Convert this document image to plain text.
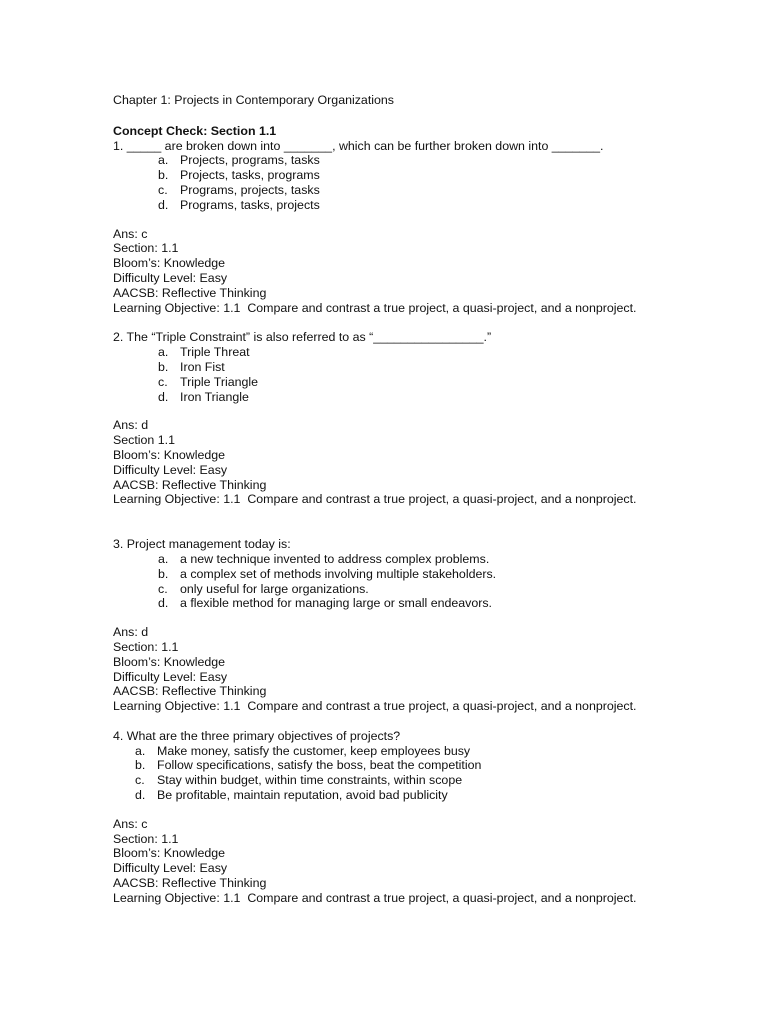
Chapter 1: Projects in Contemporary Organizations

Concept Check: Section 1.1

1. _____ are broken down into _______, which can be further broken down into _______.

a. Projects, programs, tasks
b. Projects, tasks, programs
c. Programs, projects, tasks
d. Programs, tasks, projects

Ans: c

Section: 1.1

Bloom’s: Knowledge

Difficulty Level: Easy

AACSB: Reflective Thinking

Learning Objective: 1.1  Compare and contrast a true project, a quasi-project, and a nonproject.

2. The “Triple Constraint” is also referred to as “________________.”

a. Triple Threat
b. Iron Fist
c. Triple Triangle
d. Iron Triangle

Ans: d

Section 1.1

Bloom’s: Knowledge

Difficulty Level: Easy

AACSB: Reflective Thinking

Learning Objective: 1.1  Compare and contrast a true project, a quasi-project, and a nonproject.

3. Project management today is:

a. a new technique invented to address complex problems.
b. a complex set of methods involving multiple stakeholders.
c. only useful for large organizations.
d. a flexible method for managing large or small endeavors.

Ans: d

Section: 1.1

Bloom’s: Knowledge

Difficulty Level: Easy

AACSB: Reflective Thinking

Learning Objective: 1.1  Compare and contrast a true project, a quasi-project, and a nonproject.

4. What are the three primary objectives of projects?

a. Make money, satisfy the customer, keep employees busy
b. Follow specifications, satisfy the boss, beat the competition
c. Stay within budget, within time constraints, within scope
d. Be profitable, maintain reputation, avoid bad publicity

Ans: c

Section: 1.1

Bloom’s: Knowledge

Difficulty Level: Easy

AACSB: Reflective Thinking

Learning Objective: 1.1  Compare and contrast a true project, a quasi-project, and a nonproject.
